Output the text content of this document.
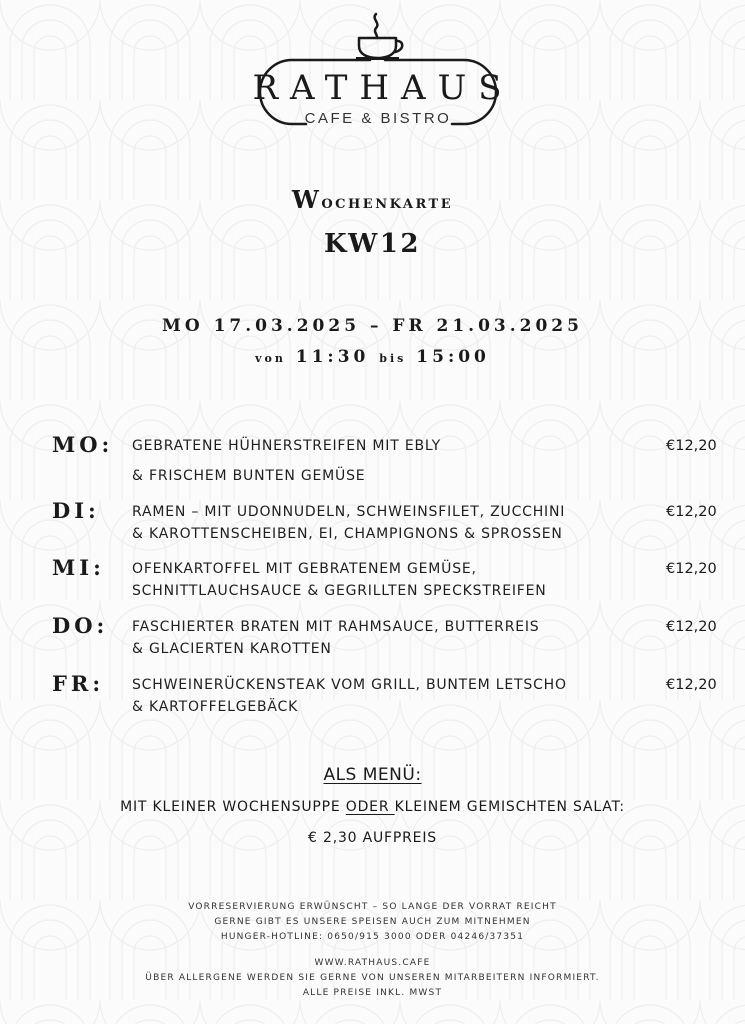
RATHAUS
CAFE & BISTRO
Wochenkarte
KW12
MO 17.03.2025 – FR 21.03.2025
von 11:30 bis 15:00
MO: GEBRATENE HÜHNERSTREIFEN MIT EBLY
& FRISCHEM BUNTEN GEMÜSE
€12,20
DI: RAMEN – MIT UDONNUDELN, SCHWEINSFILET, ZUCCHINI
& KAROTTENSCHEIBEN, EI, CHAMPIGNONS & SPROSSEN
€12,20
MI: OFENKARTOFFEL MIT GEBRATENEM GEMÜSE,
SCHNITTLAUCHSAUCE & GEGRILLTEN SPECKSTREIFEN
€12,20
DO: FASCHIERTER BRATEN MIT RAHMSAUCE, BUTTERREIS
& GLACIERTEN KAROTTEN
€12,20
FR: SCHWEINERÜCKENSTEAK VOM GRILL, BUNTEM LETSCHO
& KARTOFFELGEBÄCK
€12,20
ALS MENÜ:
MIT KLEINER WOCHENSUPPE ODER KLEINEM GEMISCHTEN SALAT:
€ 2,30 AUFPREIS
VORRESERVIERUNG ERWÜNSCHT – SO LANGE DER VORRAT REICHT
GERNE GIBT ES UNSERE SPEISEN AUCH ZUM MITNEHMEN
HUNGER-HOTLINE: 0650/915 3000 ODER 04246/37351
WWW.RATHAUS.CAFE
ÜBER ALLERGENE WERDEN SIE GERNE VON UNSEREN MITARBEITERN INFORMIERT.
ALLE PREISE INKL. MWST
